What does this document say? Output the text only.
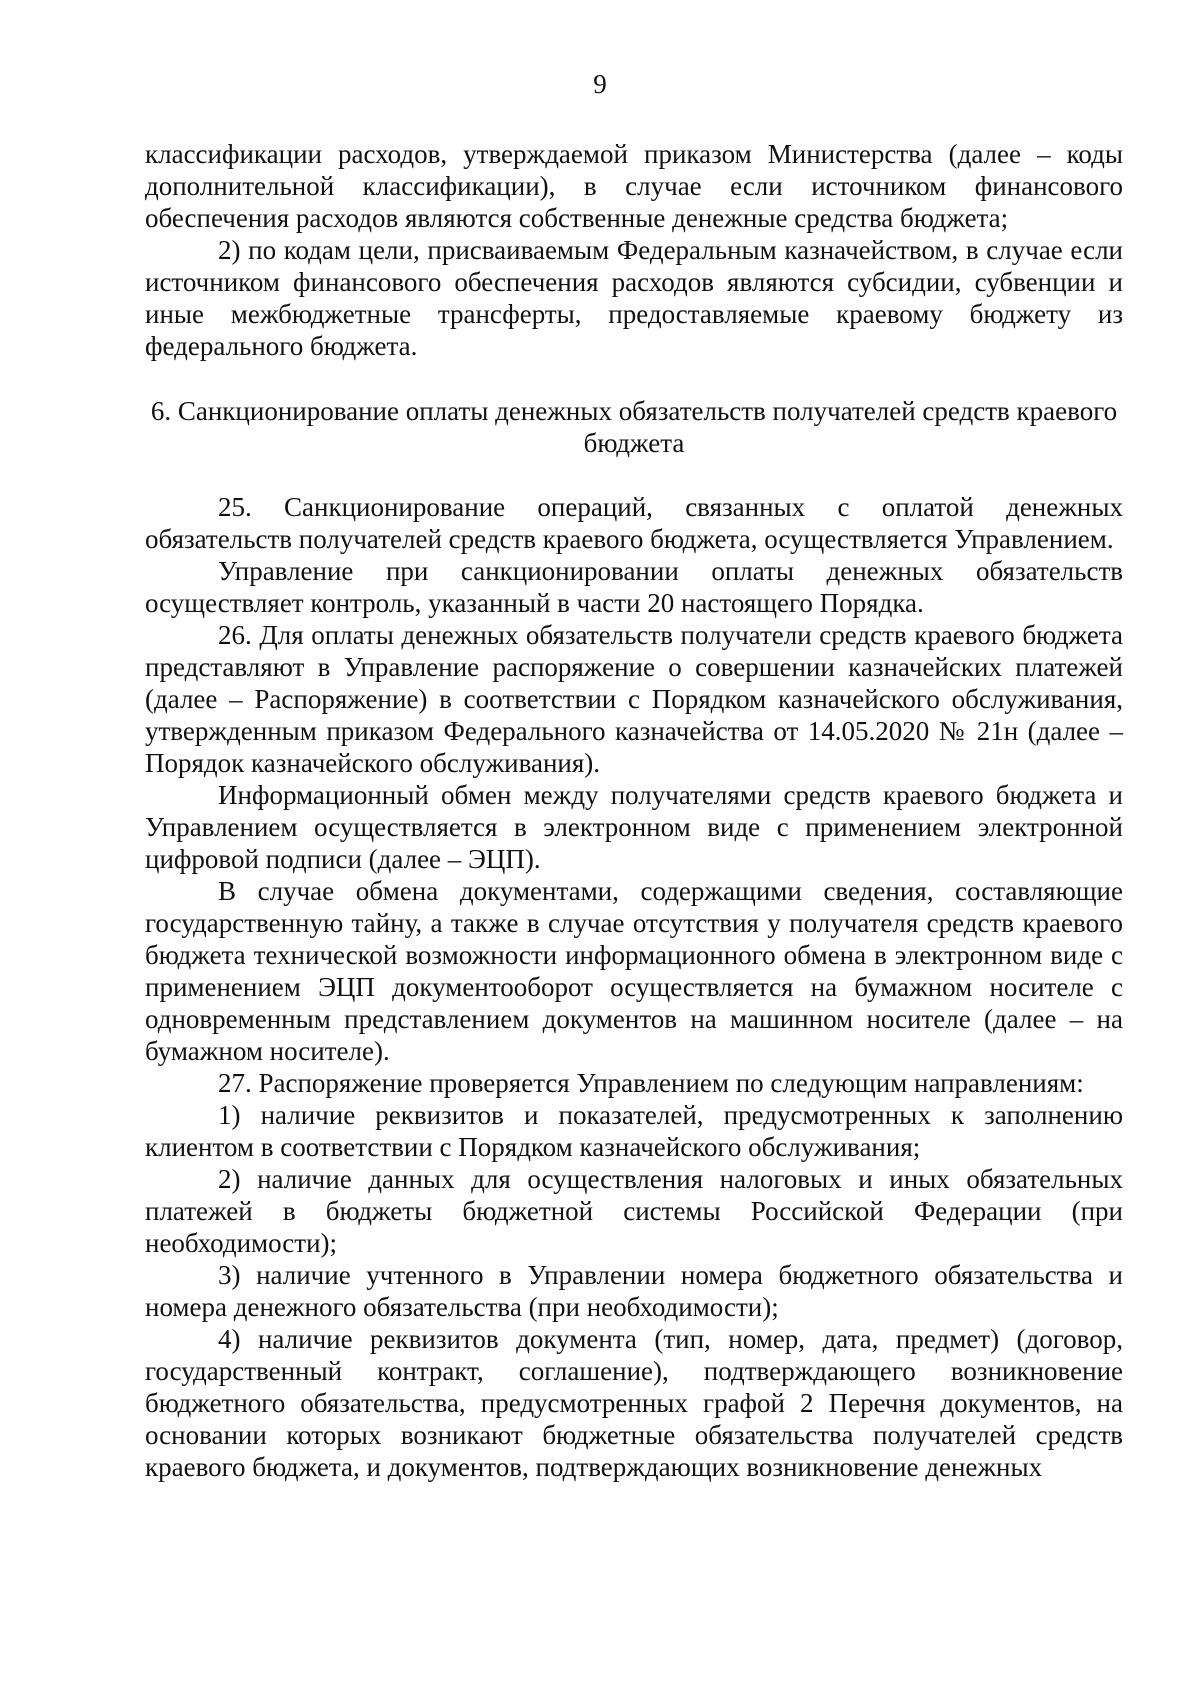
9

классификации расходов, утверждаемой приказом Министерства (далее – коды дополнительной классификации), в случае если источником финансового обеспечения расходов являются собственные денежные средства бюджета;

2) по кодам цели, присваиваемым Федеральным казначейством, в случае если источником финансового обеспечения расходов являются субсидии, субвенции и иные межбюджетные трансферты, предоставляемые краевому бюджету из федерального бюджета.

6. Санкционирование оплаты денежных обязательств получателей средств краевого бюджета

25. Санкционирование операций, связанных с оплатой денежных обязательств получателей средств краевого бюджета, осуществляется Управлением.

Управление при санкционировании оплаты денежных обязательств осуществляет контроль, указанный в части 20 настоящего Порядка.

26. Для оплаты денежных обязательств получатели средств краевого бюджета представляют в Управление распоряжение о совершении казначейских платежей (далее – Распоряжение) в соответствии с Порядком казначейского обслуживания, утвержденным приказом Федерального казначейства от 14.05.2020 № 21н (далее – Порядок казначейского обслуживания).

Информационный обмен между получателями средств краевого бюджета и Управлением осуществляется в электронном виде с применением электронной цифровой подписи (далее – ЭЦП).

В случае обмена документами, содержащими сведения, составляющие государственную тайну, а также в случае отсутствия у получателя средств краевого бюджета технической возможности информационного обмена в электронном виде с применением ЭЦП документооборот осуществляется на бумажном носителе с одновременным представлением документов на машинном носителе (далее – на бумажном носителе).

27. Распоряжение проверяется Управлением по следующим направлениям:

1) наличие реквизитов и показателей, предусмотренных к заполнению клиентом в соответствии с Порядком казначейского обслуживания;

2) наличие данных для осуществления налоговых и иных обязательных платежей в бюджеты бюджетной системы Российской Федерации (при необходимости);

3) наличие учтенного в Управлении номера бюджетного обязательства и номера денежного обязательства (при необходимости);

4) наличие реквизитов документа (тип, номер, дата, предмет) (договор, государственный контракт, соглашение), подтверждающего возникновение бюджетного обязательства, предусмотренных графой 2 Перечня документов, на основании которых возникают бюджетные обязательства получателей средств краевого бюджета, и документов, подтверждающих возникновение денежных
